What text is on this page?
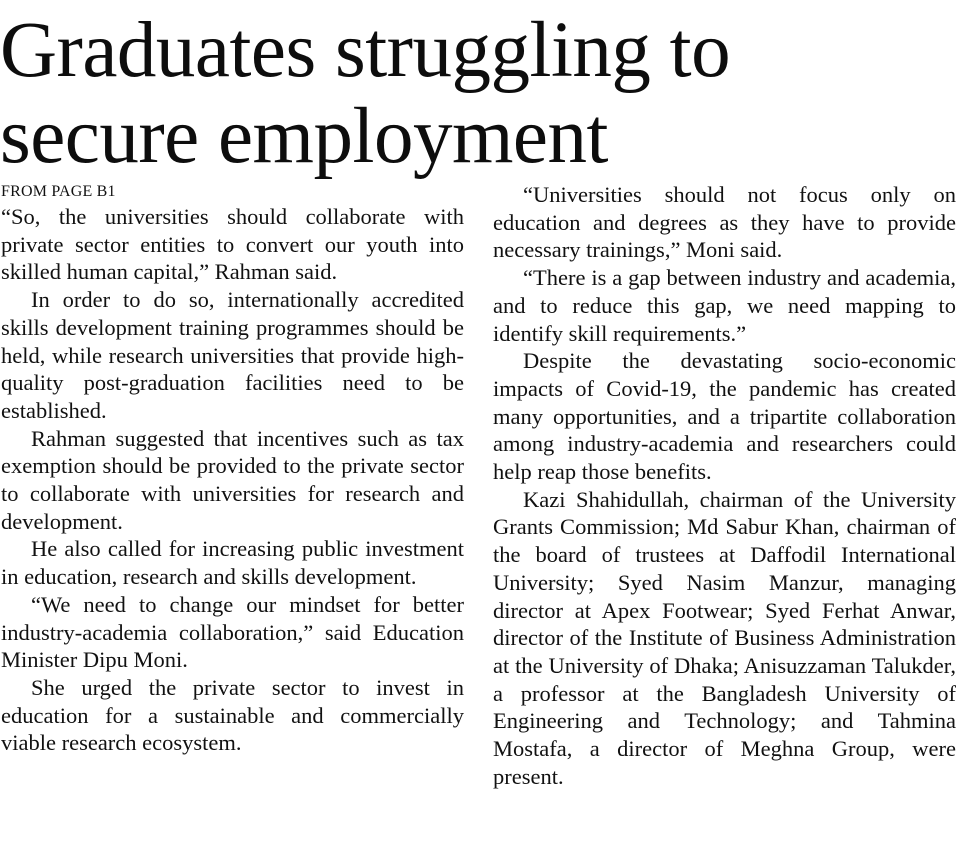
Graduates struggling to
secure employment
FROM PAGE B1

“So, the universities should collaborate with private sector entities to convert our youth into skilled human capital,” Rahman said.

In order to do so, internationally accredited skills development training programmes should be held, while research universities that provide high-quality post-graduation facilities need to be established.

Rahman suggested that incentives such as tax exemption should be provided to the private sector to collaborate with universities for research and development.

He also called for increasing public investment in education, research and skills development.

“We need to change our mindset for better industry-academia collaboration,” said Education Minister Dipu Moni.

She urged the private sector to invest in education for a sustainable and commercially viable research ecosystem.

“Universities should not focus only on education and degrees as they have to provide necessary trainings,” Moni said.

“There is a gap between industry and academia, and to reduce this gap, we need mapping to identify skill requirements.”

Despite the devastating socio-economic impacts of Covid-19, the pandemic has created many opportunities, and a tripartite collaboration among industry-academia and researchers could help reap those benefits.

Kazi Shahidullah, chairman of the University Grants Commission; Md Sabur Khan, chairman of the board of trustees at Daffodil International University; Syed Nasim Manzur, managing director at Apex Footwear; Syed Ferhat Anwar, director of the Institute of Business Administration at the University of Dhaka; Anisuzzaman Talukder, a professor at the Bangladesh University of Engineering and Technology; and Tahmina Mostafa, a director of Meghna Group, were present.
